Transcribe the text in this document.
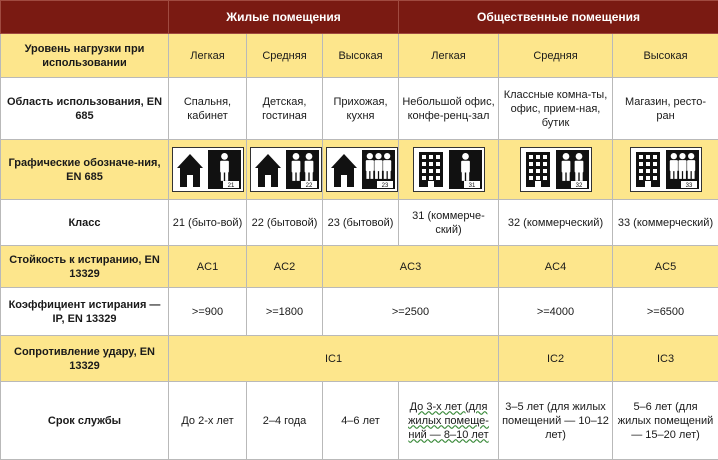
	Жилые помещения			Общественные помещения		
Уровень нагрузки при использовании	Легкая	Средняя	Высокая	Легкая	Средняя	Высокая
Область использования, EN 685	Спальня, кабинет	Детская, гостиная	Прихожая, кухня	Небольшой офис, конфе-ренц-зал	Классные комна-ты, офис, прием-ная, бутик	Магазин, ресто-ран
Графические обозначе-ния, EN 685	21	22	23	31	32	33

Класс	21 (быто-вой)	22 (бытовой)	23 (бытовой)	31 (коммерче-ский)	32 (коммерческий)	33 (коммерческий)
Стойкость к истиранию, EN 13329	AC1	AC2	AC3		AC4	AC5
Коэффициент истирания — IP, EN 13329	>=900	>=1800	>=2500		>=4000	>=6500
Сопротивление удару, EN 13329	IC1				IC2	IC3
Срок службы	До 2-х лет	2–4 года	4–6 лет	До 3-х лет (для жилых помеще-ний — 8–10 лет	3–5 лет (для жилых помещений — 10–12 лет)	5–6 лет (для жилых помещений — 15–20 лет)
